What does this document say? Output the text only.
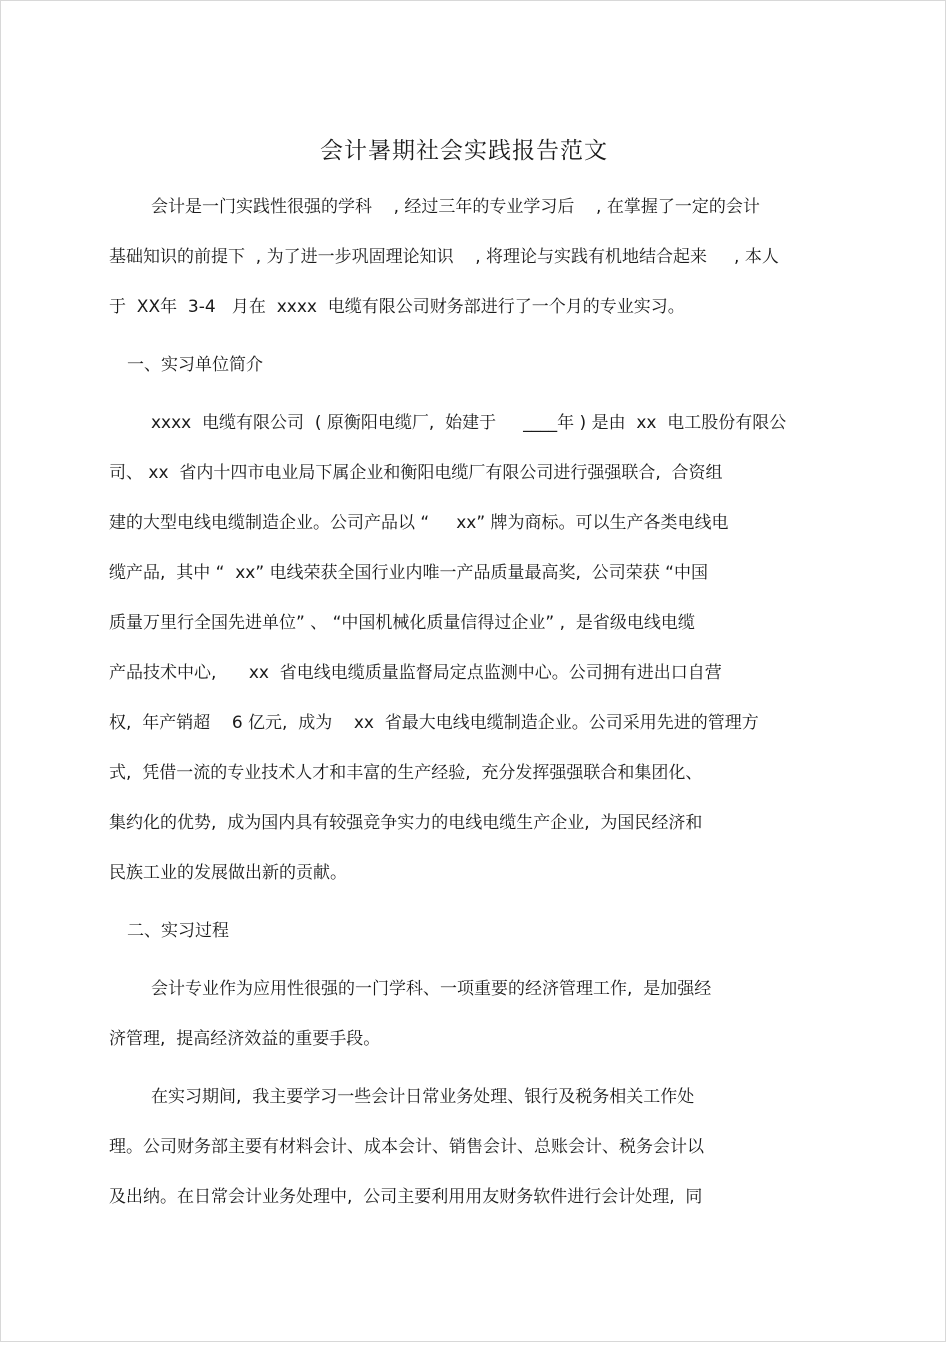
会计暑期社会实践报告范文
会计是一门实践性很强的学科    , 经过三年的专业学习后    , 在掌握了一定的会计
基础知识的前提下  , 为了进一步巩固理论知识    , 将理论与实践有机地结合起来     , 本人
于  XX年  3-4   月在  xxxx  电缆有限公司财务部进行了一个月的专业实习。
一、实习单位简介
xxxx  电缆有限公司  ( 原衡阳电缆厂,  始建于     ____年 ) 是由  xx  电工股份有限公
司、 xx  省内十四市电业局下属企业和衡阳电缆厂有限公司进行强强联合,  合资组
建的大型电线电缆制造企业。公司产品以 “     xx” 牌为商标。可以生产各类电线电
缆产品,  其中 “  xx” 电线荣获全国行业内唯一产品质量最高奖,  公司荣获 “中国
质量万里行全国先进单位” 、 “中国机械化质量信得过企业” ,  是省级电线电缆
产品技术中心,      xx  省电线电缆质量监督局定点监测中心。公司拥有进出口自营
权,  年产销超    6 亿元,  成为    xx  省最大电线电缆制造企业。公司采用先进的管理方
式,  凭借一流的专业技术人才和丰富的生产经验,  充分发挥强强联合和集团化、
集约化的优势,  成为国内具有较强竞争实力的电线电缆生产企业,  为国民经济和
民族工业的发展做出新的贡献。
二、实习过程
会计专业作为应用性很强的一门学科、一项重要的经济管理工作,  是加强经
济管理,  提高经济效益的重要手段。
在实习期间,  我主要学习一些会计日常业务处理、银行及税务相关工作处
理。公司财务部主要有材料会计、成本会计、销售会计、总账会计、税务会计以
及出纳。在日常会计业务处理中,  公司主要利用用友财务软件进行会计处理,  同
